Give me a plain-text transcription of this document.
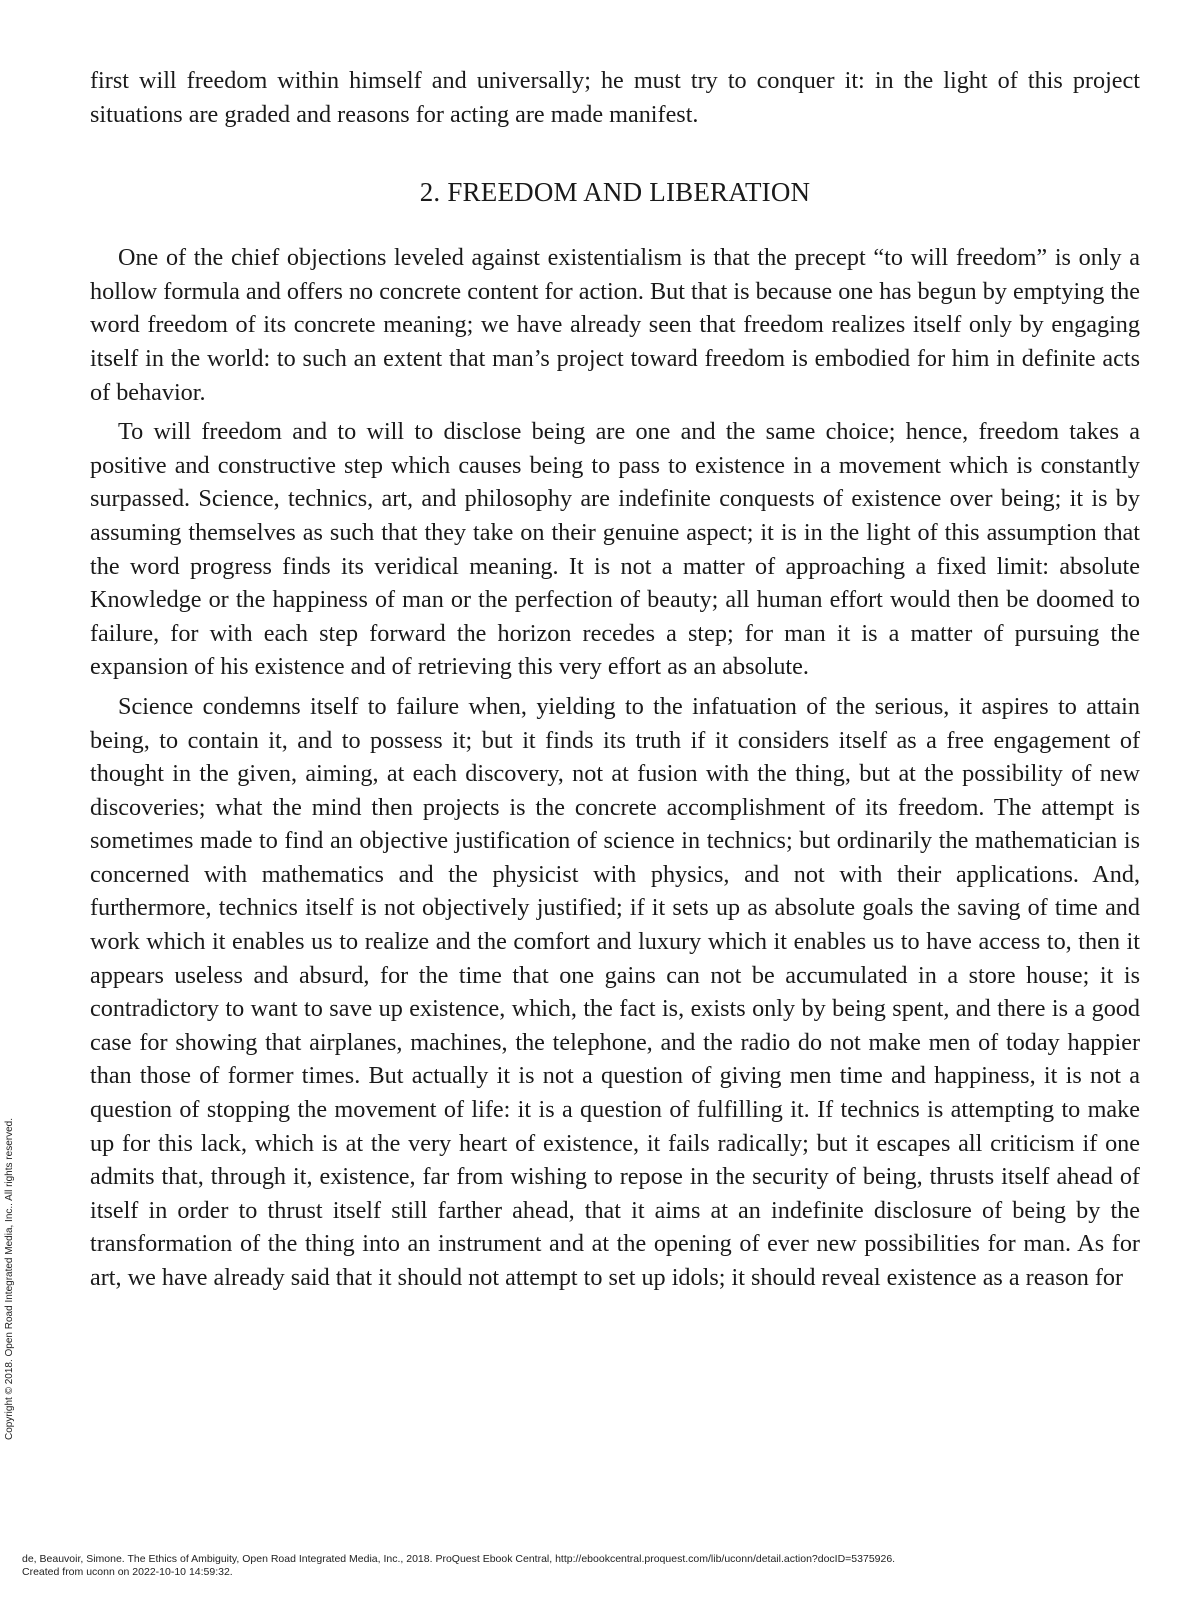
first will freedom within himself and universally; he must try to conquer it: in the light of this project situations are graded and reasons for acting are made manifest.

2. FREEDOM AND LIBERATION

One of the chief objections leveled against existentialism is that the precept “to will freedom” is only a hollow formula and offers no concrete content for action. But that is because one has begun by emptying the word freedom of its concrete meaning; we have already seen that freedom realizes itself only by engaging itself in the world: to such an extent that man’s project toward freedom is embodied for him in definite acts of behavior.

To will freedom and to will to disclose being are one and the same choice; hence, freedom takes a positive and constructive step which causes being to pass to existence in a movement which is constantly surpassed. Science, technics, art, and philosophy are indefinite conquests of existence over being; it is by assuming themselves as such that they take on their genuine aspect; it is in the light of this assumption that the word progress finds its veridical meaning. It is not a matter of approaching a fixed limit: absolute Knowledge or the happiness of man or the perfection of beauty; all human effort would then be doomed to failure, for with each step forward the horizon recedes a step; for man it is a matter of pursuing the expansion of his existence and of retrieving this very effort as an absolute.

Science condemns itself to failure when, yielding to the infatuation of the serious, it aspires to attain being, to contain it, and to possess it; but it finds its truth if it considers itself as a free engagement of thought in the given, aiming, at each discovery, not at fusion with the thing, but at the possibility of new discoveries; what the mind then projects is the concrete accomplishment of its freedom. The attempt is sometimes made to find an objective justification of science in technics; but ordinarily the mathematician is concerned with mathematics and the physicist with physics, and not with their applications. And, furthermore, technics itself is not objectively justified; if it sets up as absolute goals the saving of time and work which it enables us to realize and the comfort and luxury which it enables us to have access to, then it appears useless and absurd, for the time that one gains can not be accumulated in a store house; it is contradictory to want to save up existence, which, the fact is, exists only by being spent, and there is a good case for showing that airplanes, machines, the telephone, and the radio do not make men of today happier than those of former times. But actually it is not a question of giving men time and happiness, it is not a question of stopping the movement of life: it is a question of fulfilling it. If technics is attempting to make up for this lack, which is at the very heart of existence, it fails radically; but it escapes all criticism if one admits that, through it, existence, far from wishing to repose in the security of being, thrusts itself ahead of itself in order to thrust itself still farther ahead, that it aims at an indefinite disclosure of being by the transformation of the thing into an instrument and at the opening of ever new possibilities for man. As for art, we have already said that it should not attempt to set up idols; it should reveal existence as a reason for

Copyright © 2018. Open Road Integrated Media, Inc.. All rights reserved.
de, Beauvoir, Simone. The Ethics of Ambiguity, Open Road Integrated Media, Inc., 2018. ProQuest Ebook Central, http://ebookcentral.proquest.com/lib/uconn/detail.action?docID=5375926.
Created from uconn on 2022-10-10 14:59:32.
